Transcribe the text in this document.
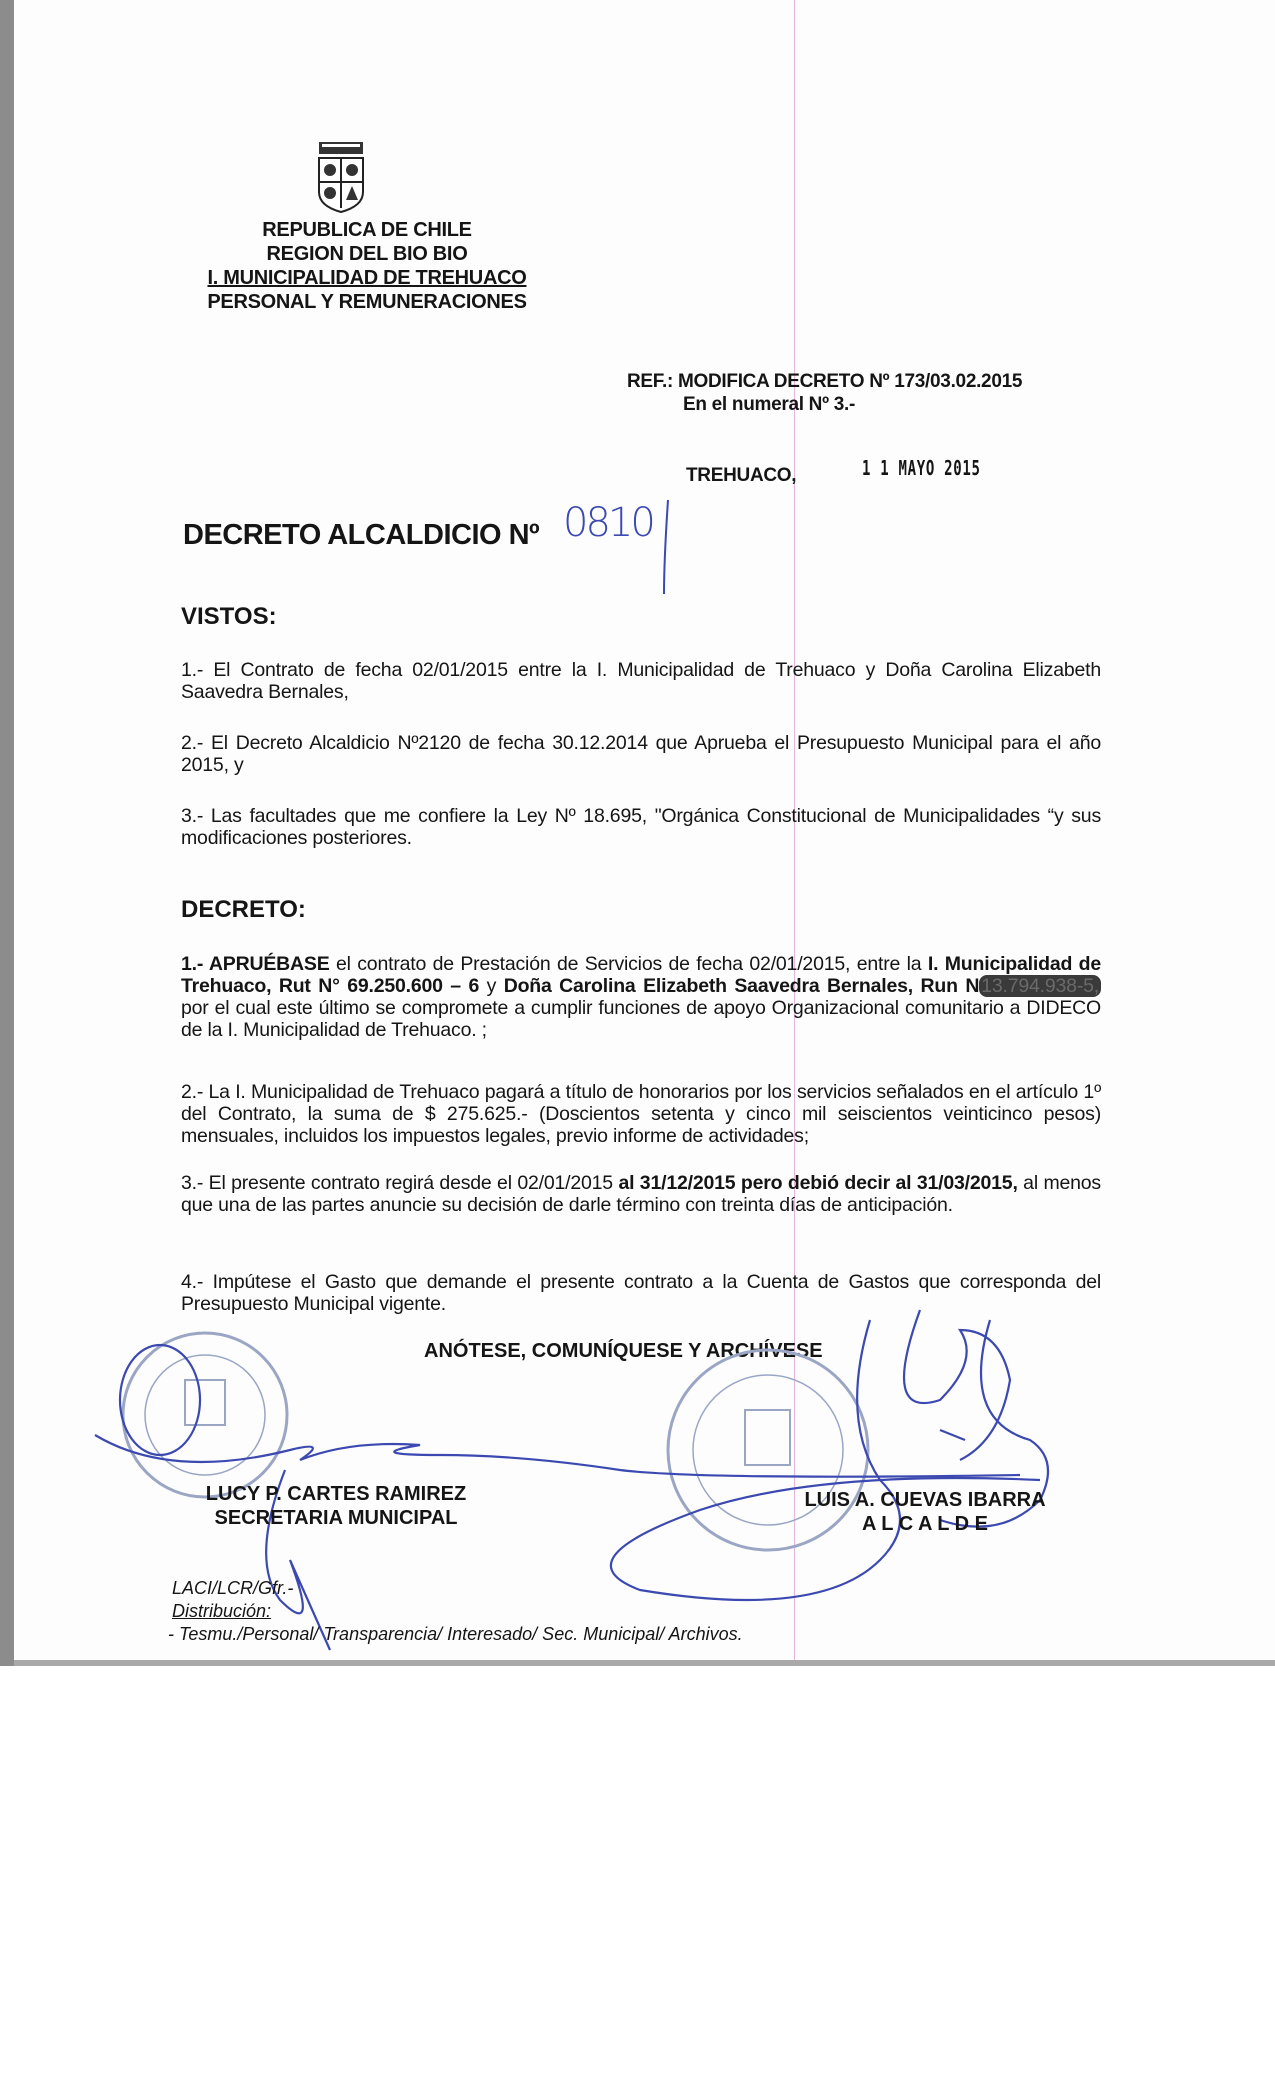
REPUBLICA DE CHILE
REGION DEL BIO BIO
I. MUNICIPALIDAD DE TREHUACO
PERSONAL Y REMUNERACIONES
REF.: MODIFICA DECRETO Nº 173/03.02.2015
En el numeral Nº 3.-
TREHUACO,	1 1 MAYO 2015
DECRETO ALCALDICIO Nº 0810
VISTOS:
1.- El Contrato de fecha 02/01/2015 entre la I. Municipalidad de Trehuaco y Doña Carolina Elizabeth Saavedra Bernales,
2.- El Decreto Alcaldicio Nº2120 de fecha 30.12.2014 que Aprueba el Presupuesto Municipal para el año 2015, y
3.- Las facultades que me confiere la Ley Nº 18.695, "Orgánica Constitucional de Municipalidades “y sus modificaciones posteriores.
DECRETO:
1.- APRUÉBASE el contrato de Prestación de Servicios de fecha 02/01/2015, entre la I. Municipalidad de Trehuaco, Rut N° 69.250.600 – 6 y Doña Carolina Elizabeth Saavedra Bernales, Run N 13.794.938-5, por el cual este último se compromete a cumplir funciones de apoyo Organizacional comunitario a DIDECO de la I. Municipalidad de Trehuaco. ;
2.- La I. Municipalidad de Trehuaco pagará a título de honorarios por los servicios señalados en el artículo 1º del Contrato, la suma de $ 275.625.- (Doscientos setenta y cinco mil seiscientos veinticinco pesos) mensuales, incluidos los impuestos legales, previo informe de actividades;
3.- El presente contrato regirá desde el 02/01/2015 al 31/12/2015 pero debió decir al 31/03/2015, al menos que una de las partes anuncie su decisión de darle término con treinta días de anticipación.
4.- Impútese el Gasto que demande el presente contrato a la Cuenta de Gastos que corresponda del Presupuesto Municipal vigente.
ANÓTESE, COMUNÍQUESE Y ARCHÍVESE
LUCY P. CARTES RAMIREZ
SECRETARIA MUNICIPAL
LUIS A. CUEVAS IBARRA
A L C A L D E
LACI/LCR/Gfr.-
Distribución:
- Tesmu./Personal/ Transparencia/ Interesado/ Sec. Municipal/ Archivos.
